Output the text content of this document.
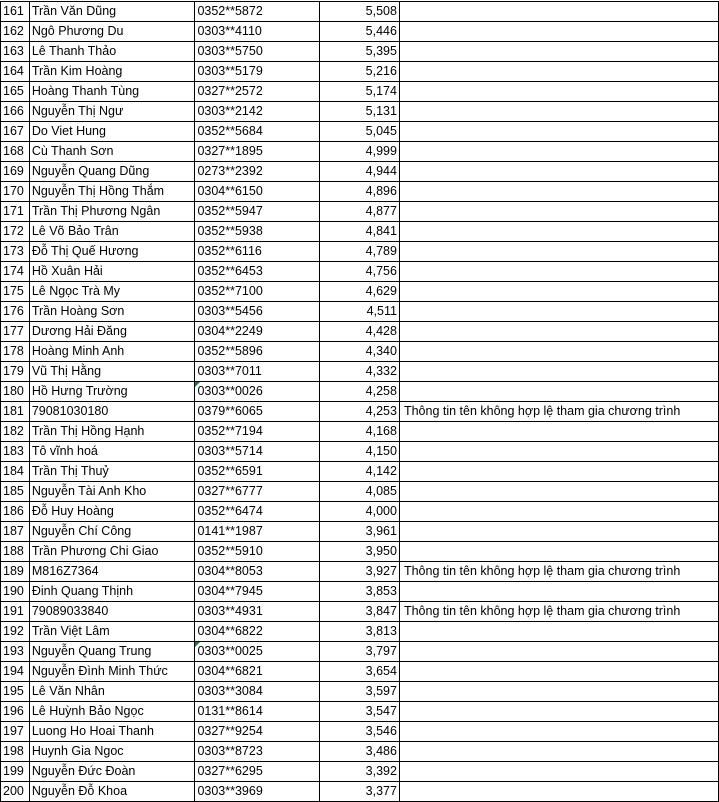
161	Trần Văn Dũng	0352**5872	5,508	
162	Ngô Phương Du	0303**4110	5,446	
163	Lê Thanh Thảo	0303**5750	5,395	
164	Trần Kim Hoàng	0303**5179	5,216	
165	Hoàng Thanh Tùng	0327**2572	5,174	
166	Nguyễn Thị Ngư	0303**2142	5,131	
167	Do Viet Hung	0352**5684	5,045	
168	Cù Thanh Sơn	0327**1895	4,999	
169	Nguyễn Quang Dũng	0273**2392	4,944	
170	Nguyễn Thị Hồng Thắm	0304**6150	4,896	
171	Trần Thị Phương Ngân	0352**5947	4,877	
172	Lê Võ Bảo Trân	0352**5938	4,841	
173	Đỗ Thị Quế Hương	0352**6116	4,789	
174	Hồ Xuân Hải	0352**6453	4,756	
175	Lê Ngọc Trà My	0352**7100	4,629	
176	Trần Hoàng Sơn	0303**5456	4,511	
177	Dương Hải Đăng	0304**2249	4,428	
178	Hoàng Minh Anh	0352**5896	4,340	
179	Vũ Thị Hằng	0303**7011	4,332	
180	Hồ Hưng Trường	0303**0026	4,258	
181	79081030180	0379**6065	4,253	Thông tin tên không hợp lệ tham gia chương trình
182	Trần Thị Hồng Hạnh	0352**7194	4,168	
183	Tô vĩnh hoá	0303**5714	4,150	
184	Trần Thị Thuỷ	0352**6591	4,142	
185	Nguyễn Tài Anh Kho	0327**6777	4,085	
186	Đỗ Huy Hoàng	0352**6474	4,000	
187	Nguyễn Chí Công	0141**1987	3,961	
188	Trần Phương Chi Giao	0352**5910	3,950	
189	M816Z7364	0304**8053	3,927	Thông tin tên không hợp lệ tham gia chương trình
190	Đinh Quang Thịnh	0304**7945	3,853	
191	79089033840	0303**4931	3,847	Thông tin tên không hợp lệ tham gia chương trình
192	Trần Việt Lâm	0304**6822	3,813	
193	Nguyễn Quang Trung	0303**0025	3,797	
194	Nguyễn Đình Minh Thức	0304**6821	3,654	
195	Lê Văn Nhân	0303**3084	3,597	
196	Lê Huỳnh Bảo Ngọc	0131**8614	3,547	
197	Luong Ho Hoai Thanh	0327**9254	3,546	
198	Huynh Gia Ngoc	0303**8723	3,486	
199	Nguyễn Đức Đoàn	0327**6295	3,392	
200	Nguyễn Đỗ Khoa	0303**3969	3,377	
